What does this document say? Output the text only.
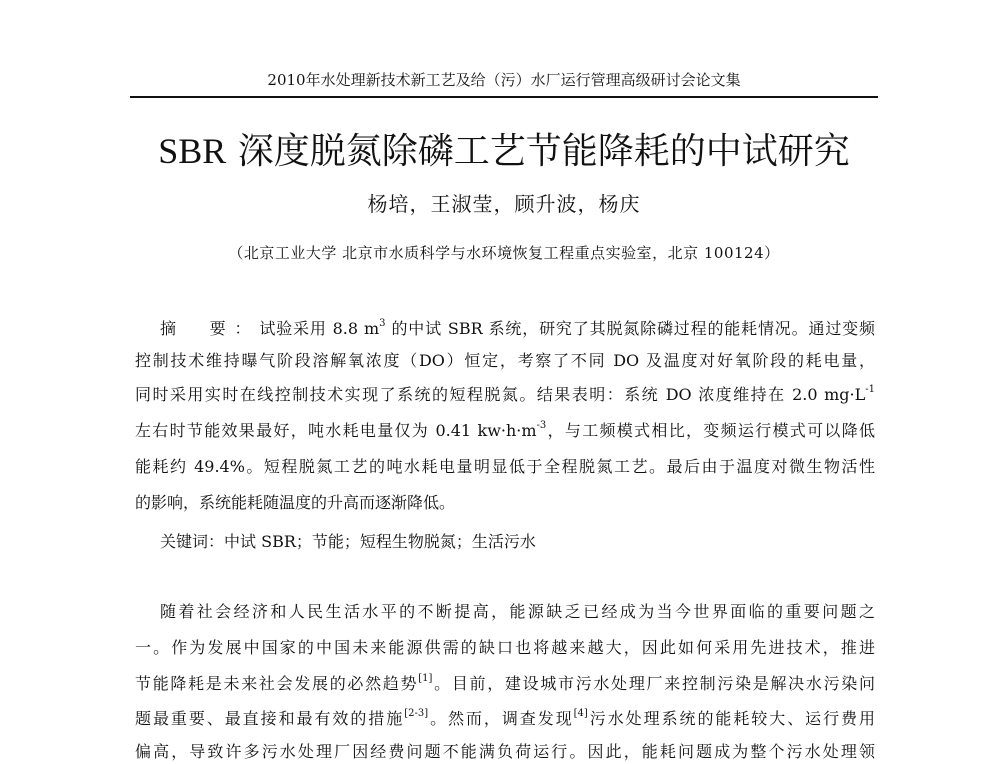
2010年水处理新技术新工艺及给（污）水厂运行管理高级研讨会论文集
SBR 深度脱氮除磷工艺节能降耗的中试研究
杨培，王淑莹，顾升波，杨庆
（北京工业大学 北京市水质科学与水环境恢复工程重点实验室，北京 100124）
摘　要：试验采用 8.8 $m^3$ 的中试 SBR 系统，研究了其脱氮除磷过程的能耗情况。通过变频
控制技术维持曝气阶段溶解氧浓度（DO）恒定，考察了不同 DO 及温度对好氧阶段的耗电量，
同时采用实时在线控制技术实现了系统的短程脱氮。结果表明：系统 DO 浓度维持在 2.0 $mg\cdot L^{-1}$
左右时节能效果最好，吨水耗电量仅为 0.41 $kw\cdot h\cdot m^{-3}$，与工频模式相比，变频运行模式可以降低
能耗约 49.4%。短程脱氮工艺的吨水耗电量明显低于全程脱氮工艺。最后由于温度对微生物活性
的影响，系统能耗随温度的升高而逐渐降低。
关键词：中试 SBR；节能；短程生物脱氮；生活污水
随着社会经济和人民生活水平的不断提高，能源缺乏已经成为当今世界面临的重要问题之
一。作为发展中国家的中国未来能源供需的缺口也将越来越大，因此如何采用先进技术，推进
节能降耗是未来社会发展的必然趋势[1]。目前，建设城市污水处理厂来控制污染是解决水污染问
题最重要、最直接和最有效的措施[2-3]。然而，调查发现[4]污水处理系统的能耗较大、运行费用
偏高，导致许多污水处理厂因经费问题不能满负荷运行。因此，能耗问题成为整个污水处理领
